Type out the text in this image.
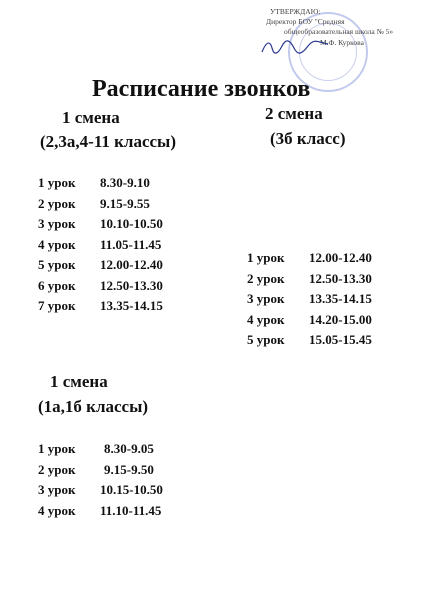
УТВЕРЖДАЮ:
Директор БОУ "Средняя
общеобразовательная школа № 5»
М.Ф. Куркова
Расписание звонков
1 смена
(2,3а,4-11 классы)
1 урок	8.30-9.10
2 урок	9.15-9.55
3 урок	10.10-10.50
4 урок	11.05-11.45
5 урок	12.00-12.40
6 урок	12.50-13.30
7 урок	13.35-14.15
2 смена
(3б класс)
1 урок	12.00-12.40
2 урок	12.50-13.30
3 урок	13.35-14.15
4 урок	14.20-15.00
5 урок	15.05-15.45
1 смена
(1а,1б классы)
1 урок	8.30-9.05
2 урок	9.15-9.50
3 урок	10.15-10.50
4 урок	11.10-11.45
